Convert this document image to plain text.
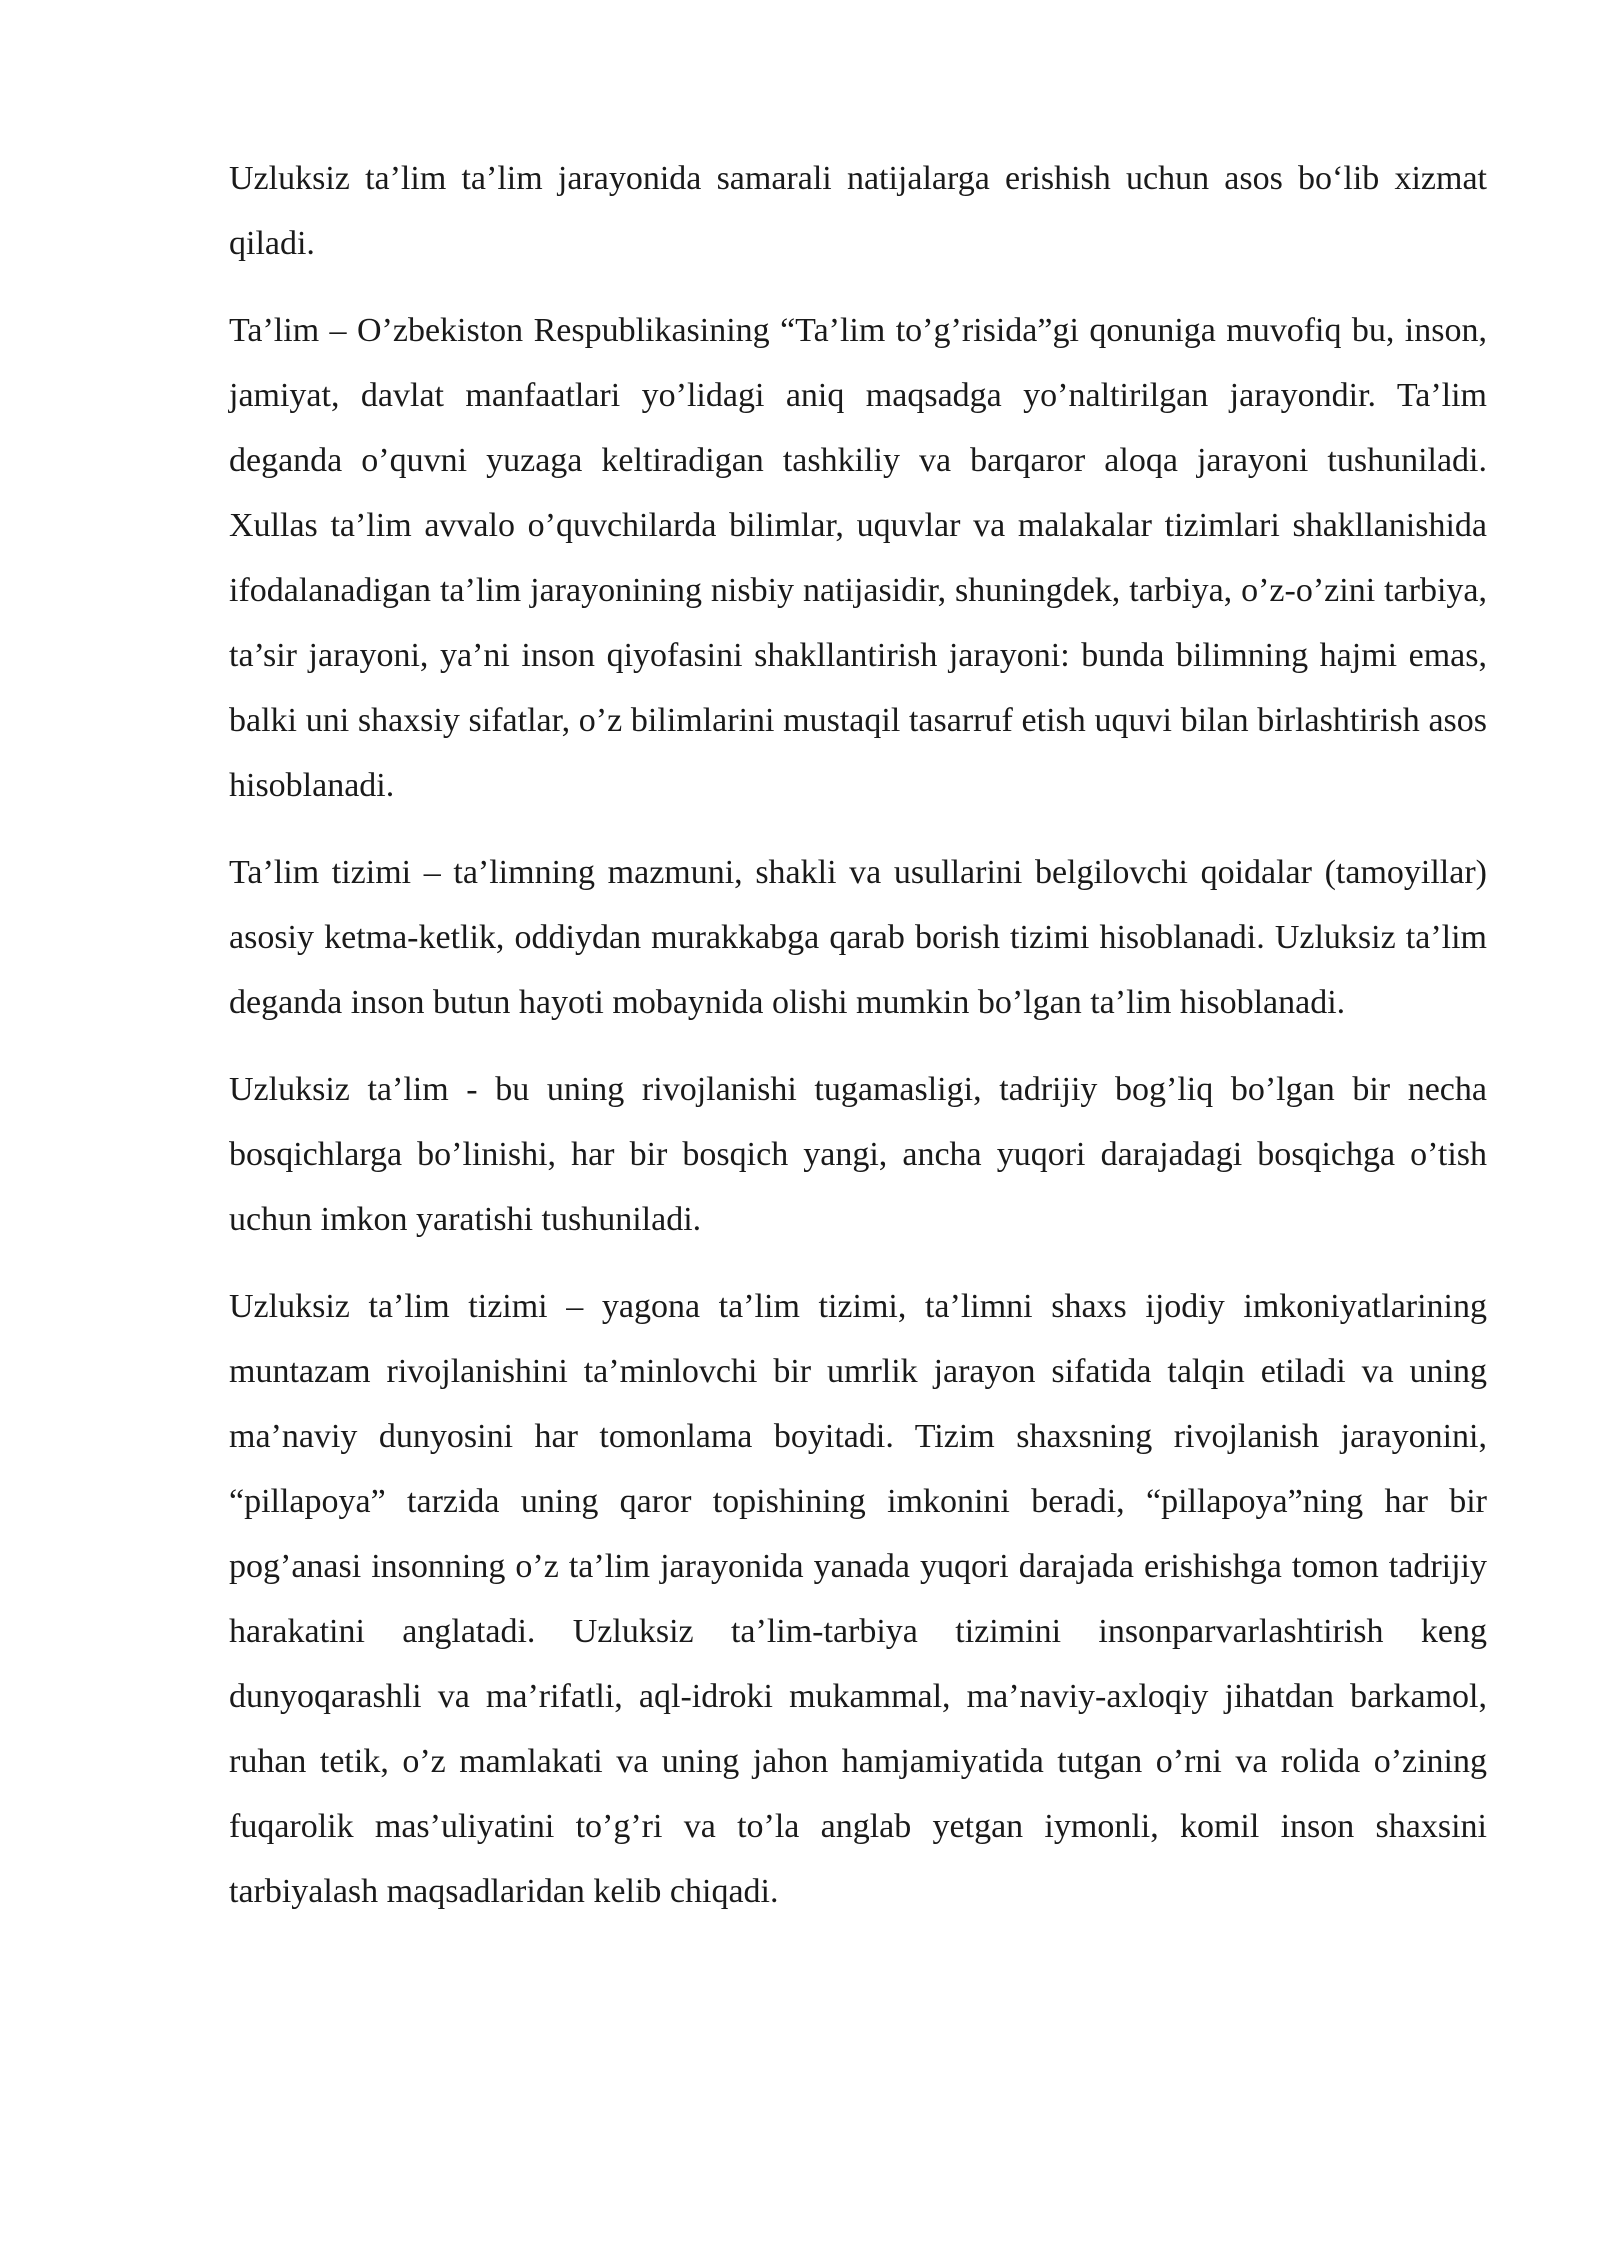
Uzluksiz ta’lim ta’lim jarayonida samarali natijalarga erishish uchun asos bo‘lib xizmat qiladi.

Ta’lim – O’zbekiston Respublikasining “Ta’lim to’g’risida”gi qonuniga muvofiq bu, inson, jamiyat, davlat manfaatlari yo’lidagi aniq maqsadga yo’naltirilgan jarayondir. Ta’lim deganda o’quvni yuzaga keltiradigan tashkiliy va barqaror aloqa jarayoni tushuniladi. Xullas ta’lim avvalo o’quvchilarda bilimlar, uquvlar va malakalar tizimlari shakllanishida ifodalanadigan ta’lim jarayonining nisbiy natijasidir, shuningdek, tarbiya, o’z-o’zini tarbiya, ta’sir jarayoni, ya’ni inson qiyofasini shakllantirish jarayoni: bunda bilimning hajmi emas, balki uni shaxsiy sifatlar, o’z bilimlarini mustaqil tasarruf etish uquvi bilan birlashtirish asos hisoblanadi.

Ta’lim tizimi – ta’limning mazmuni, shakli va usullarini belgilovchi qoidalar (tamoyillar) asosiy ketma-ketlik, oddiydan murakkabga qarab borish tizimi hisoblanadi. Uzluksiz ta’lim deganda inson butun hayoti mobaynida olishi mumkin bo’lgan ta’lim hisoblanadi.

Uzluksiz ta’lim - bu uning rivojlanishi tugamasligi, tadrijiy bog’liq bo’lgan bir necha bosqichlarga bo’linishi, har bir bosqich yangi, ancha yuqori darajadagi bosqichga o’tish uchun imkon yaratishi tushuniladi.

Uzluksiz ta’lim tizimi – yagona ta’lim tizimi, ta’limni shaxs ijodiy imkoniyatlarining muntazam rivojlanishini ta’minlovchi bir umrlik jarayon sifatida talqin etiladi va uning ma’naviy dunyosini har tomonlama boyitadi. Tizim shaxsning rivojlanish jarayonini, “pillapoya” tarzida uning qaror topishining imkonini beradi, “pillapoya”ning har bir pog’anasi insonning o’z ta’lim jarayonida yanada yuqori darajada erishishga tomon tadrijiy harakatini anglatadi. Uzluksiz ta’lim-tarbiya tizimini insonparvarlashtirish keng dunyoqarashli va ma’rifatli, aql-idroki mukammal, ma’naviy-axloqiy jihatdan barkamol, ruhan tetik, o’z mamlakati va uning jahon hamjamiyatida tutgan o’rni va rolida o’zining fuqarolik mas’uliyatini to’g’ri va to’la anglab yetgan iymonli, komil inson shaxsini tarbiyalash maqsadlaridan kelib chiqadi.
